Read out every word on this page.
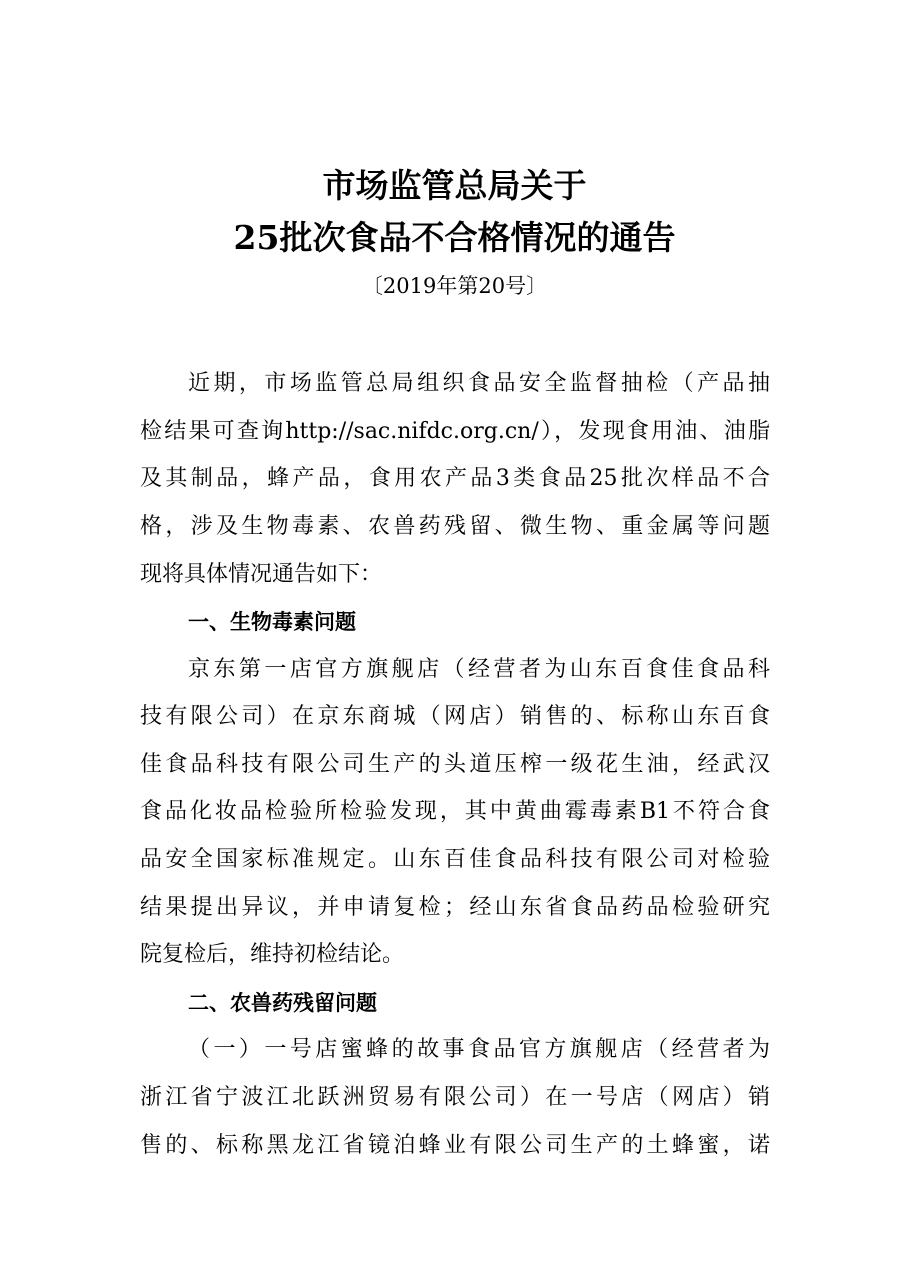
市场监管总局关于
25批次食品不合格情况的通告
〔2019年第20号〕
近期，市场监管总局组织食品安全监督抽检（产品抽
检结果可查询http://sac.nifdc.org.cn/），发现食用油、油脂
及其制品，蜂产品，食用农产品3类食品25批次样品不合
格，涉及生物毒素、农兽药残留、微生物、重金属等问题
现将具体情况通告如下：
一、生物毒素问题
京东第一店官方旗舰店（经营者为山东百食佳食品科
技有限公司）在京东商城（网店）销售的、标称山东百食
佳食品科技有限公司生产的头道压榨一级花生油，经武汉
食品化妆品检验所检验发现，其中黄曲霉毒素B1不符合食
品安全国家标准规定。山东百佳食品科技有限公司对检验
结果提出异议，并申请复检；经山东省食品药品检验研究
院复检后，维持初检结论。
二、农兽药残留问题
（一）一号店蜜蜂的故事食品官方旗舰店（经营者为
浙江省宁波江北跃洲贸易有限公司）在一号店（网店）销
售的、标称黑龙江省镜泊蜂业有限公司生产的土蜂蜜，诺
